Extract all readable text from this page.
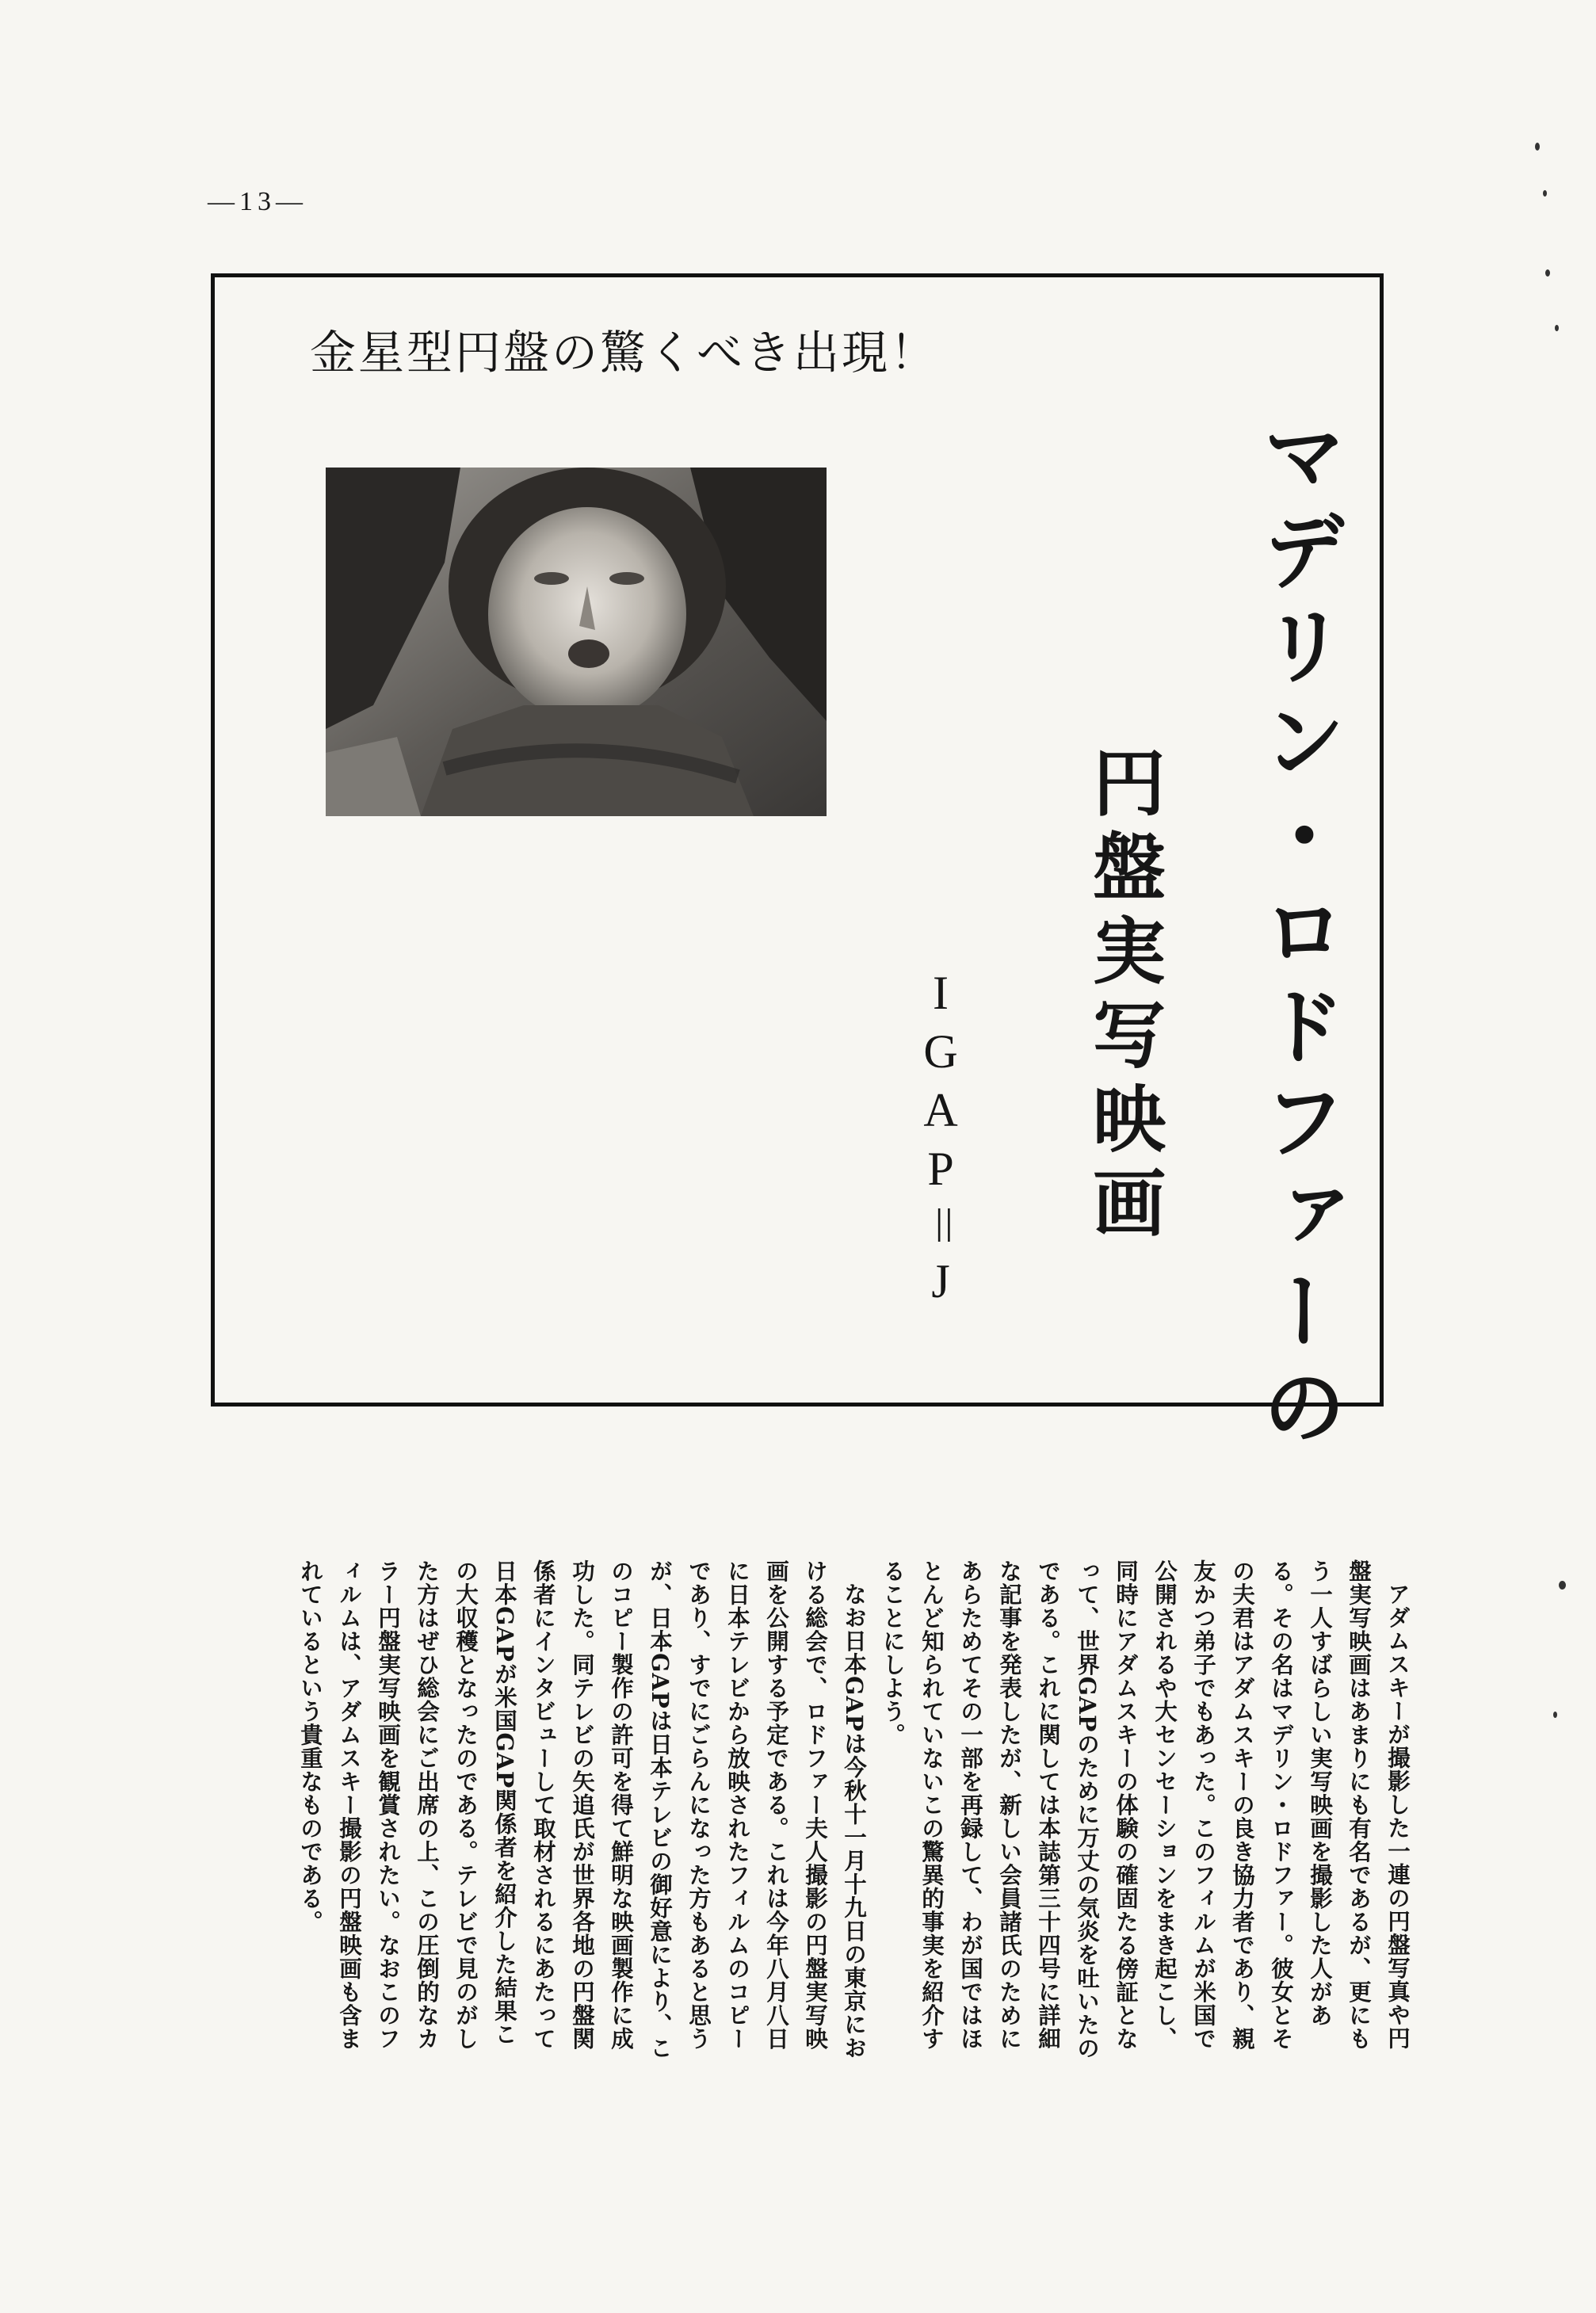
—13—
金星型円盤の驚くべき出現！
マデリン・ロドファーの
円盤実写映画
IGAP＝J

アダムスキーが撮影した一連の円盤写真や円盤実写映画はあまりにも有名であるが、更にもう一人すばらしい実写映画を撮影した人がある。その名はマデリン・ロドファー。彼女とその夫君はアダムスキーの良き協力者であり、親友かつ弟子でもあった。このフィルムが米国で公開されるや大センセーションをまき起こし、同時にアダムスキーの体験の確固たる傍証となって、世界GAPのために万丈の気炎を吐いたのである。これに関しては本誌第三十四号に詳細な記事を発表したが、新しい会員諸氏のためにあらためてその一部を再録して、わが国ではほとんど知られていないこの驚異的事実を紹介することにしよう。

なお日本GAPは今秋十一月十九日の東京における総会で、ロドファー夫人撮影の円盤実写映画を公開する予定である。これは今年八月八日に日本テレビから放映されたフィルムのコピーであり、すでにごらんになった方もあると思うが、日本GAPは日本テレビの御好意により、このコピー製作の許可を得て鮮明な映画製作に成功した。同テレビの矢追氏が世界各地の円盤関係者にインタビューして取材されるにあたって日本GAPが米国GAP関係者を紹介した結果この大収穫となったのである。テレビで見のがした方はぜひ総会にご出席の上、この圧倒的なカラー円盤実写映画を観賞されたい。なおこのフィルムは、アダムスキー撮影の円盤映画も含まれているという貴重なものである。
